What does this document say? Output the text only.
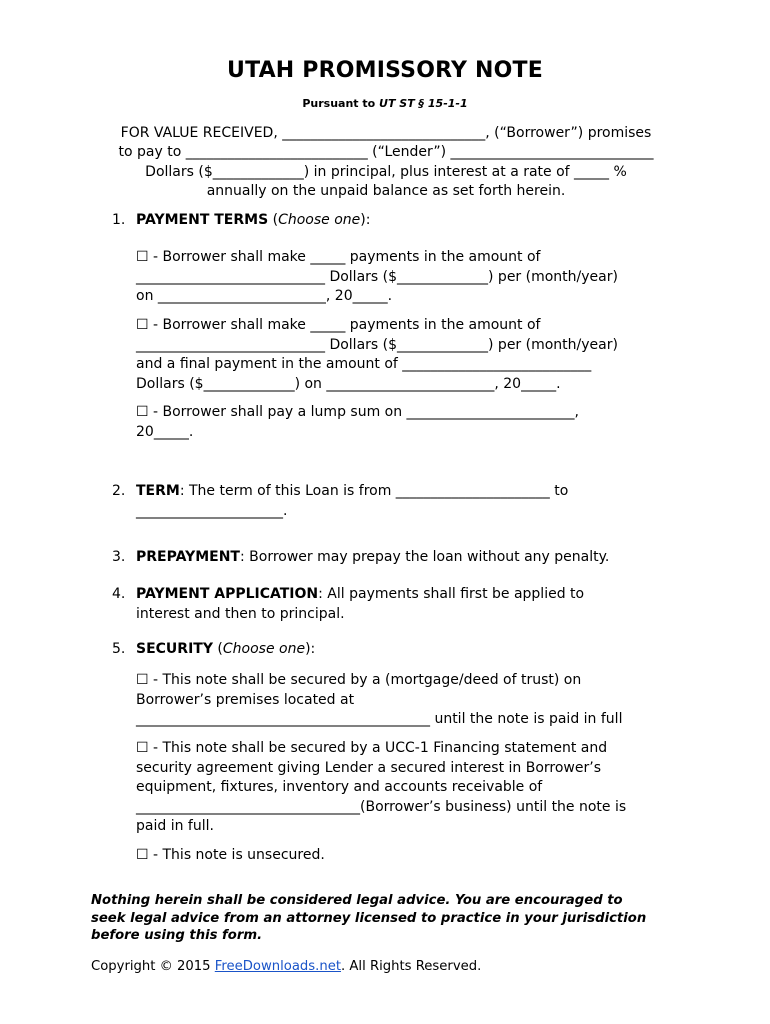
UTAH PROMISSORY NOTE
Pursuant to UT ST § 15-1-1
FOR VALUE RECEIVED, _____________________________, (“Borrower”) promises
to pay to __________________________ (“Lender”) _____________________________
Dollars ($_____________) in principal, plus interest at a rate of _____ %
annually on the unpaid balance as set forth herein.
1. PAYMENT TERMS (Choose one):
☐ - Borrower shall make _____ payments in the amount of
___________________________ Dollars ($_____________) per (month/year)
on ________________________, 20_____.
☐ - Borrower shall make _____ payments in the amount of
___________________________ Dollars ($_____________) per (month/year)
and a final payment in the amount of ___________________________
Dollars ($_____________) on ________________________, 20_____.
☐ - Borrower shall pay a lump sum on ________________________,
20_____.
2. TERM: The term of this Loan is from ______________________ to
_____________________.
3. PREPAYMENT: Borrower may prepay the loan without any penalty.
4. PAYMENT APPLICATION: All payments shall first be applied to
interest and then to principal.
5. SECURITY (Choose one):
☐ - This note shall be secured by a (mortgage/deed of trust) on
Borrower’s premises located at
__________________________________________ until the note is paid in full
☐ - This note shall be secured by a UCC-1 Financing statement and
security agreement giving Lender a secured interest in Borrower’s
equipment, fixtures, inventory and accounts receivable of
________________________________(Borrower’s business) until the note is
paid in full.
☐ - This note is unsecured.
Nothing herein shall be considered legal advice. You are encouraged to
seek legal advice from an attorney licensed to practice in your jurisdiction
before using this form.
Copyright © 2015 FreeDownloads.net. All Rights Reserved.
